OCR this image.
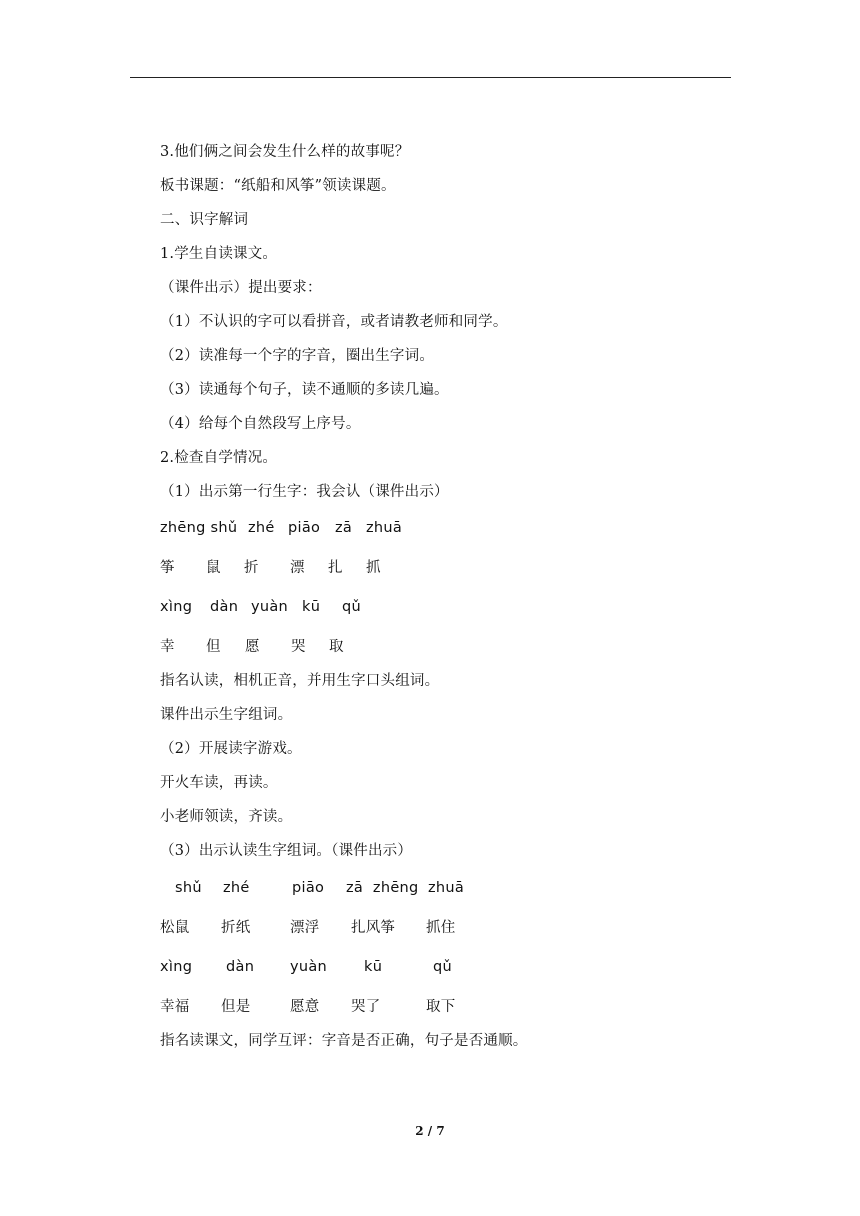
3.他们俩之间会发生什么样的故事呢？
板书课题：“纸船和风筝”领读课题。
二、识字解词
1.学生自读课文。
（课件出示）提出要求：
（1）不认识的字可以看拼音，或者请教老师和同学。
（2）读准每一个字的字音，圈出生字词。
（3）读通每个句子，读不通顺的多读几遍。
（4）给每个自然段写上序号。
2.检查自学情况。
（1）出示第一行生字：我会认（课件出示）
zhēng shǔ zhé piāo zā zhuā
筝 鼠 折 漂 扎 抓
xìng dàn yuàn kū qǔ
幸 但 愿 哭 取
指名认读，相机正音，并用生字口头组词。
课件出示生字组词。
（2）开展读字游戏。
开火车读，再读。
小老师领读，齐读。
（3）出示认读生字组词。（课件出示）
shǔ zhé	piāo zā  zhēng zhuā
松鼠 折纸	漂浮 扎风筝 抓住
xìng dàn yuàn	kū	qǔ
幸福 但是	愿意 哭了	取下
指名读课文，同学互评：字音是否正确，句子是否通顺。
2 / 7
